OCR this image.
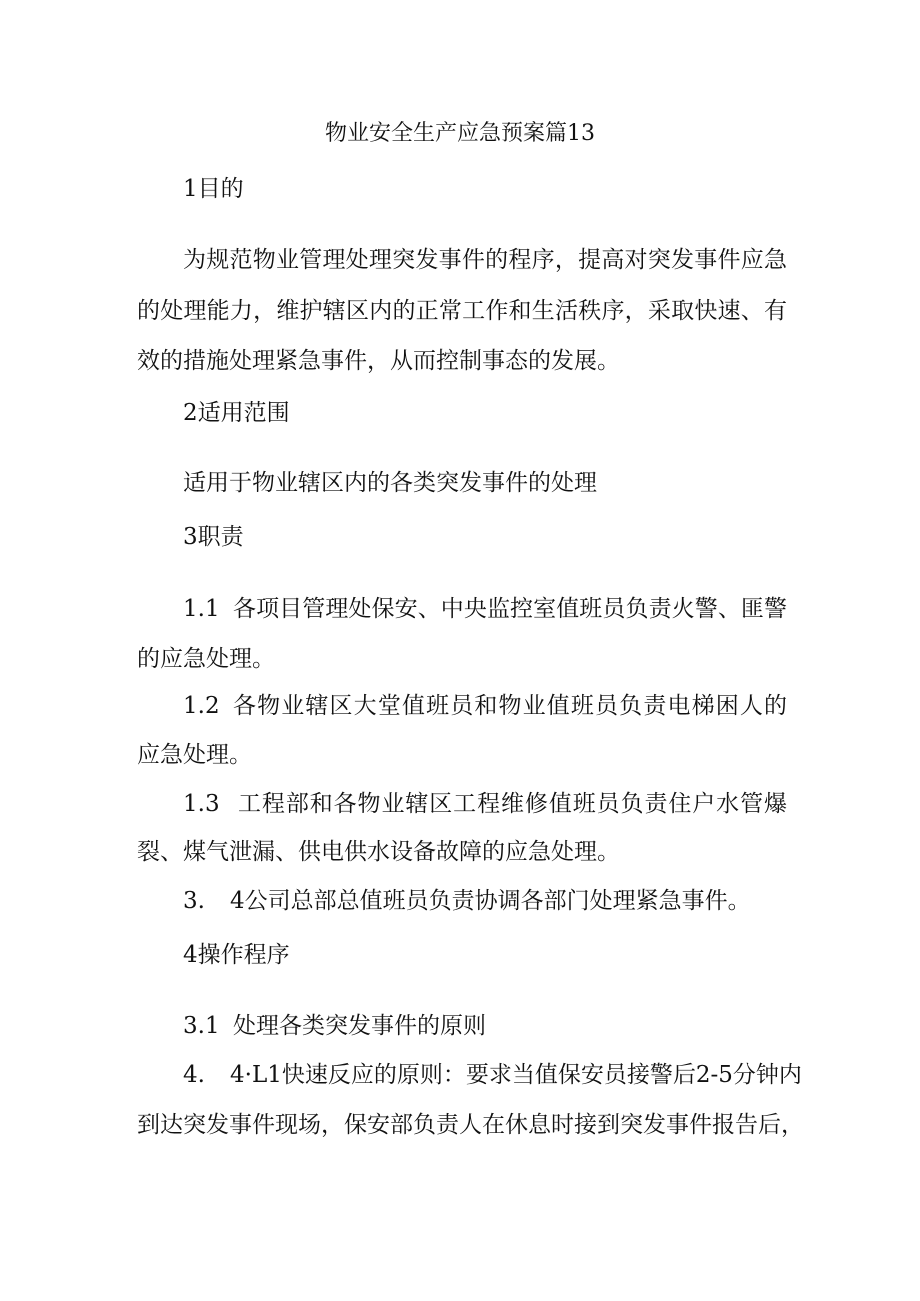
物业安全生产应急预案篇13
1目的
为规范物业管理处理突发事件的程序，提高对突发事件应急
的处理能力，维护辖区内的正常工作和生活秩序，采取快速、有
效的措施处理紧急事件，从而控制事态的发展。
2适用范围
适用于物业辖区内的各类突发事件的处理
3职责
1.1 各项目管理处保安、中央监控室值班员负责火警、匪警
的应急处理。
1.2 各物业辖区大堂值班员和物业值班员负责电梯困人的
应急处理。
1.3 工程部和各物业辖区工程维修值班员负责住户水管爆
裂、煤气泄漏、供电供水设备故障的应急处理。
3. 4公司总部总值班员负责协调各部门处理紧急事件。
4操作程序
3.1 处理各类突发事件的原则
4. 4·L1快速反应的原则：要求当值保安员接警后2-5分钟内
到达突发事件现场，保安部负责人在休息时接到突发事件报告后，
